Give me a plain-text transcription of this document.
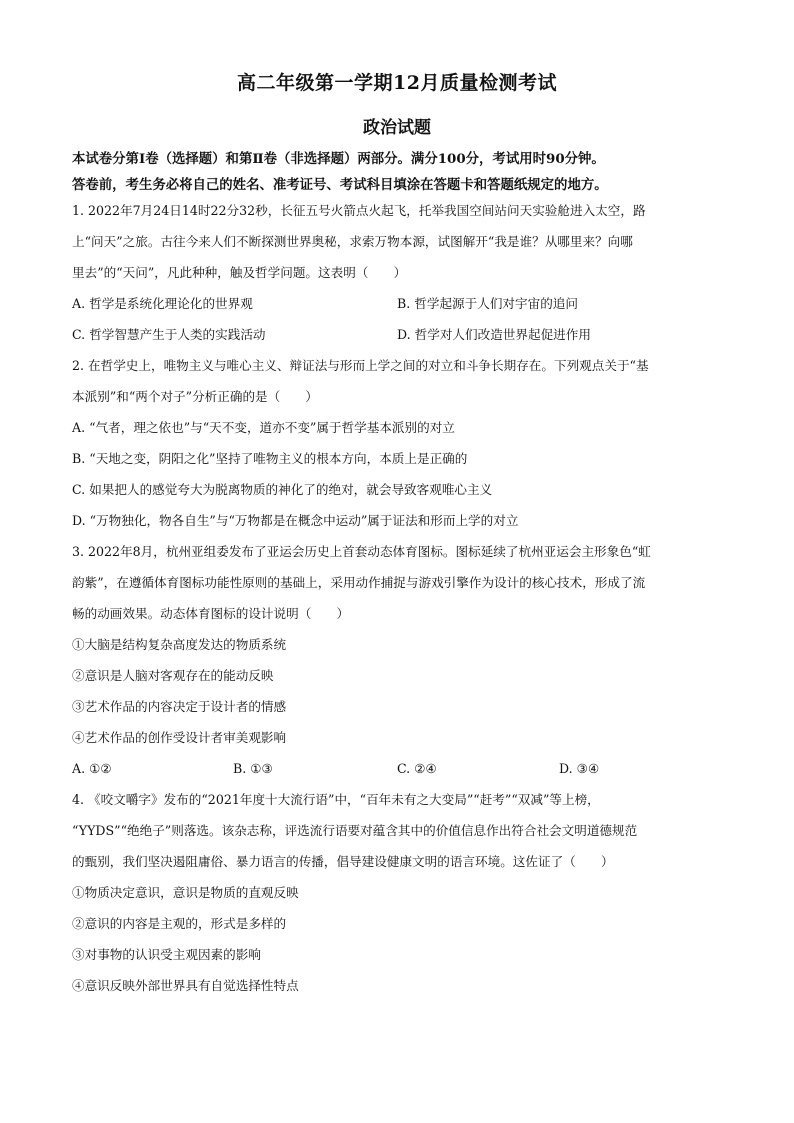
高二年级第一学期12月质量检测考试
政治试题
本试卷分第Ⅰ卷（选择题）和第Ⅱ卷（非选择题）两部分。满分100分，考试用时90分钟。
答卷前，考生务必将自己的姓名、准考证号、考试科目填涂在答题卡和答题纸规定的地方。
1. 2022年7月24日14时22分32秒，长征五号火箭点火起飞，托举我国空间站问天实验舱进入太空，路
上“问天”之旅。古往今来人们不断探测世界奥秘，求索万物本源，试图解开“我是谁？从哪里来？向哪
里去”的“天问”，凡此种种，触及哲学问题。这表明（　　）
A. 哲学是系统化理论化的世界观	B. 哲学起源于人们对宇宙的追问
C. 哲学智慧产生于人类的实践活动	D. 哲学对人们改造世界起促进作用
2. 在哲学史上，唯物主义与唯心主义、辩证法与形而上学之间的对立和斗争长期存在。下列观点关于“基
本派别”和“两个对子”分析正确的是（　　）
A. “气者，理之依也”与“天不变，道亦不变”属于哲学基本派别的对立
B. “天地之变，阴阳之化”坚持了唯物主义的根本方向，本质上是正确的
C. 如果把人的感觉夸大为脱离物质的神化了的绝对，就会导致客观唯心主义
D. “万物独化，物各自生”与“万物都是在概念中运动”属于证法和形而上学的对立
3. 2022年8月，杭州亚组委发布了亚运会历史上首套动态体育图标。图标延续了杭州亚运会主形象色“虹
韵紫”，在遵循体育图标功能性原则的基础上，采用动作捕捉与游戏引擎作为设计的核心技术，形成了流
畅的动画效果。动态体育图标的设计说明（　　）
①大脑是结构复杂高度发达的物质系统
②意识是人脑对客观存在的能动反映
③艺术作品的内容决定于设计者的情感
④艺术作品的创作受设计者审美观影响
A. ①②	B. ①③	C. ②④	D. ③④
4. 《咬文嚼字》发布的“2021年度十大流行语”中，“百年未有之大变局”“赶考”“双减”等上榜，
“YYDS”“绝绝子”则落选。该杂志称，评选流行语要对蕴含其中的价值信息作出符合社会文明道德规范
的甄别，我们坚决遏阻庸俗、暴力语言的传播，倡导建设健康文明的语言环境。这佐证了（　　）
①物质决定意识，意识是物质的直观反映
②意识的内容是主观的，形式是多样的
③对事物的认识受主观因素的影响
④意识反映外部世界具有自觉选择性特点
